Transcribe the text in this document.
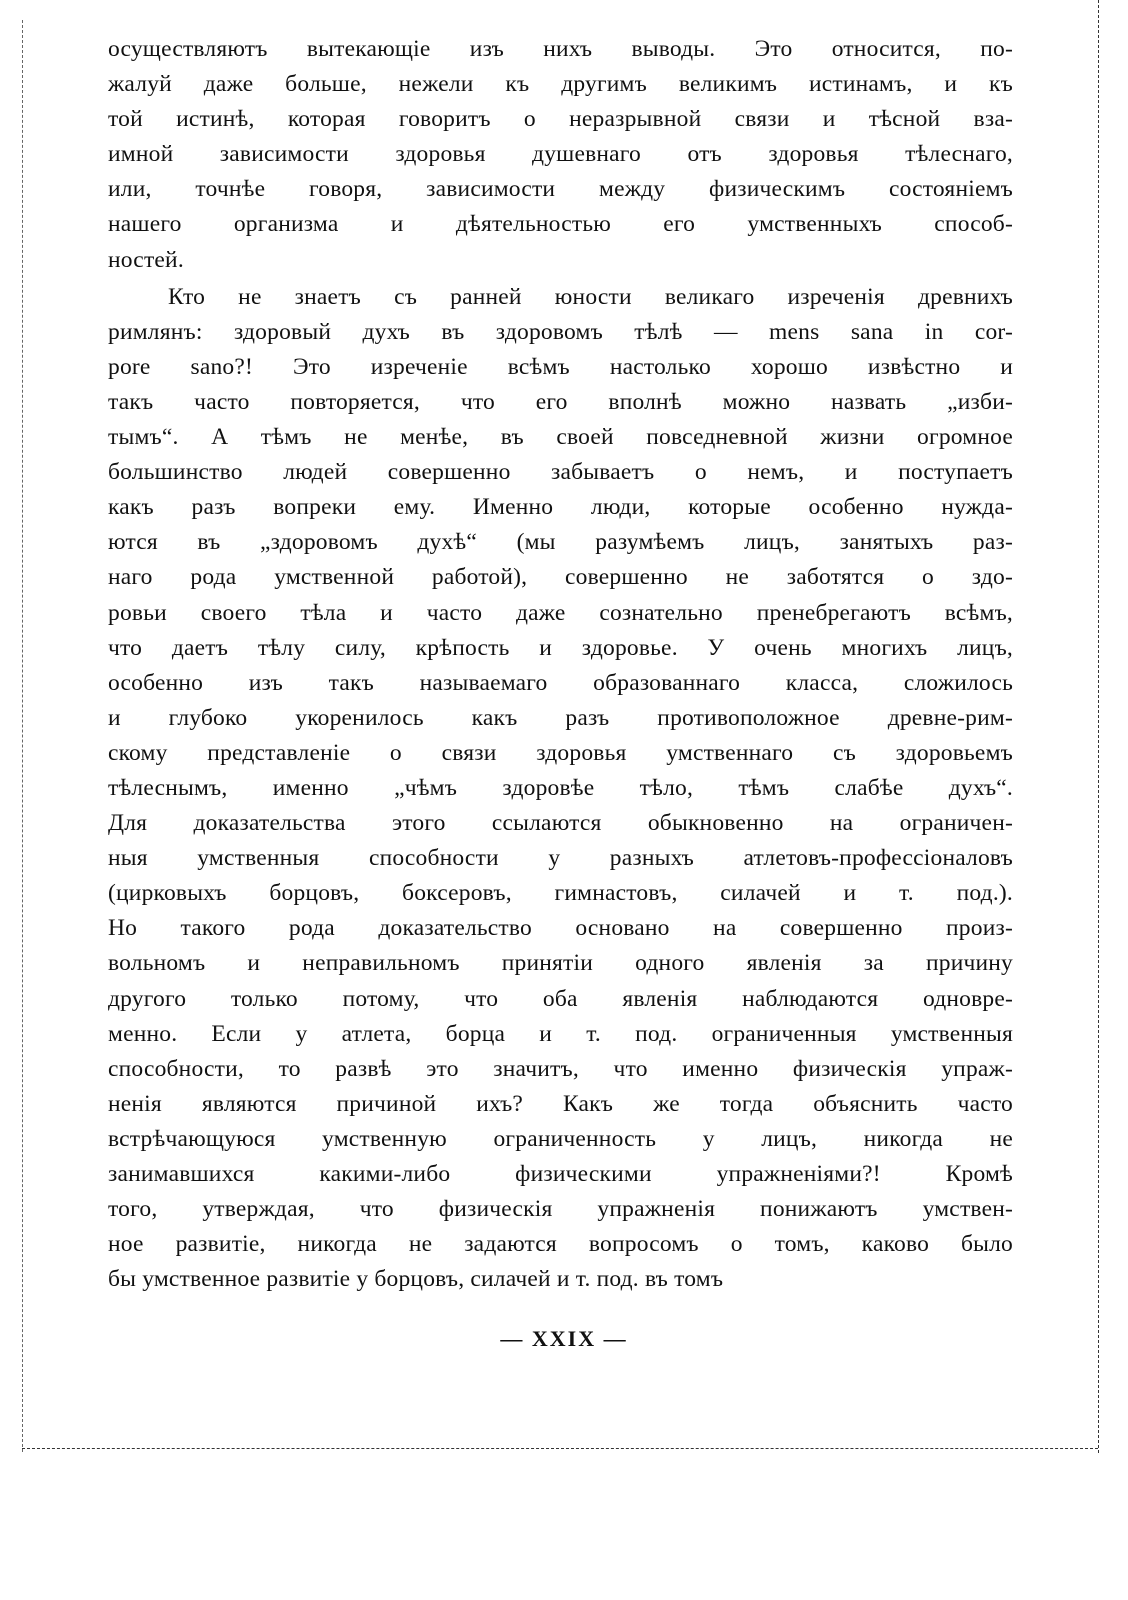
осуществляютъ вытекающіе изъ нихъ выводы. Это относится, по-
жалуй даже больше, нежели къ другимъ великимъ истинамъ, и къ
той истинѣ, которая говоритъ о неразрывной связи и тѣсной вза-
имной зависимости здоровья душевнаго отъ здоровья тѣлеснаго,
или, точнѣе говоря, зависимости между физическимъ состояніемъ
нашего организма и дѣятельностью его умственныхъ способ-
ностей.
Кто не знаетъ съ ранней юности великаго изреченія древнихъ
римлянъ: здоровый духъ въ здоровомъ тѣлѣ — mens sana in cor-
pore sano?! Это изреченіе всѣмъ настолько хорошо извѣстно и
такъ часто повторяется, что его вполнѣ можно назвать „изби-
тымъ“. А тѣмъ не менѣе, въ своей повседневной жизни огромное
большинство людей совершенно забываетъ о немъ, и поступаетъ
какъ разъ вопреки ему. Именно люди, которые особенно нужда-
ются въ „здоровомъ духѣ“ (мы разумѣемъ лицъ, занятыхъ раз-
наго рода умственной работой), совершенно не заботятся о здо-
ровьи своего тѣла и часто даже сознательно пренебрегаютъ всѣмъ,
что даетъ тѣлу силу, крѣпость и здоровье. У очень многихъ лицъ,
особенно изъ такъ называемаго образованнаго класса, сложилось
и глубоко укоренилось какъ разъ противоположное древне-рим-
скому представленіе о связи здоровья умственнаго съ здоровьемъ
тѣлеснымъ, именно „чѣмъ здоровѣе тѣло, тѣмъ слабѣе духъ“.
Для доказательства этого ссылаются обыкновенно на ограничен-
ныя умственныя способности у разныхъ атлетовъ-профессіоналовъ
(цирковыхъ борцовъ, боксеровъ, гимнастовъ, силачей и т. под.).
Но такого рода доказательство основано на совершенно произ-
вольномъ и неправильномъ принятіи одного явленія за причину
другого только потому, что оба явленія наблюдаются одновре-
менно. Если у атлета, борца и т. под. ограниченныя умственныя
способности, то развѣ это значитъ, что именно физическія упраж-
ненія являются причиной ихъ? Какъ же тогда объяснить часто
встрѣчающуюся умственную ограниченность у лицъ, никогда не
занимавшихся какими-либо физическими упражненіями?! Кромѣ
того, утверждая, что физическія упражненія понижаютъ умствен-
ное развитіе, никогда не задаются вопросомъ о томъ, каково было
бы умственное развитіе у борцовъ, силачей и т. под. въ томъ
— XXIX —
